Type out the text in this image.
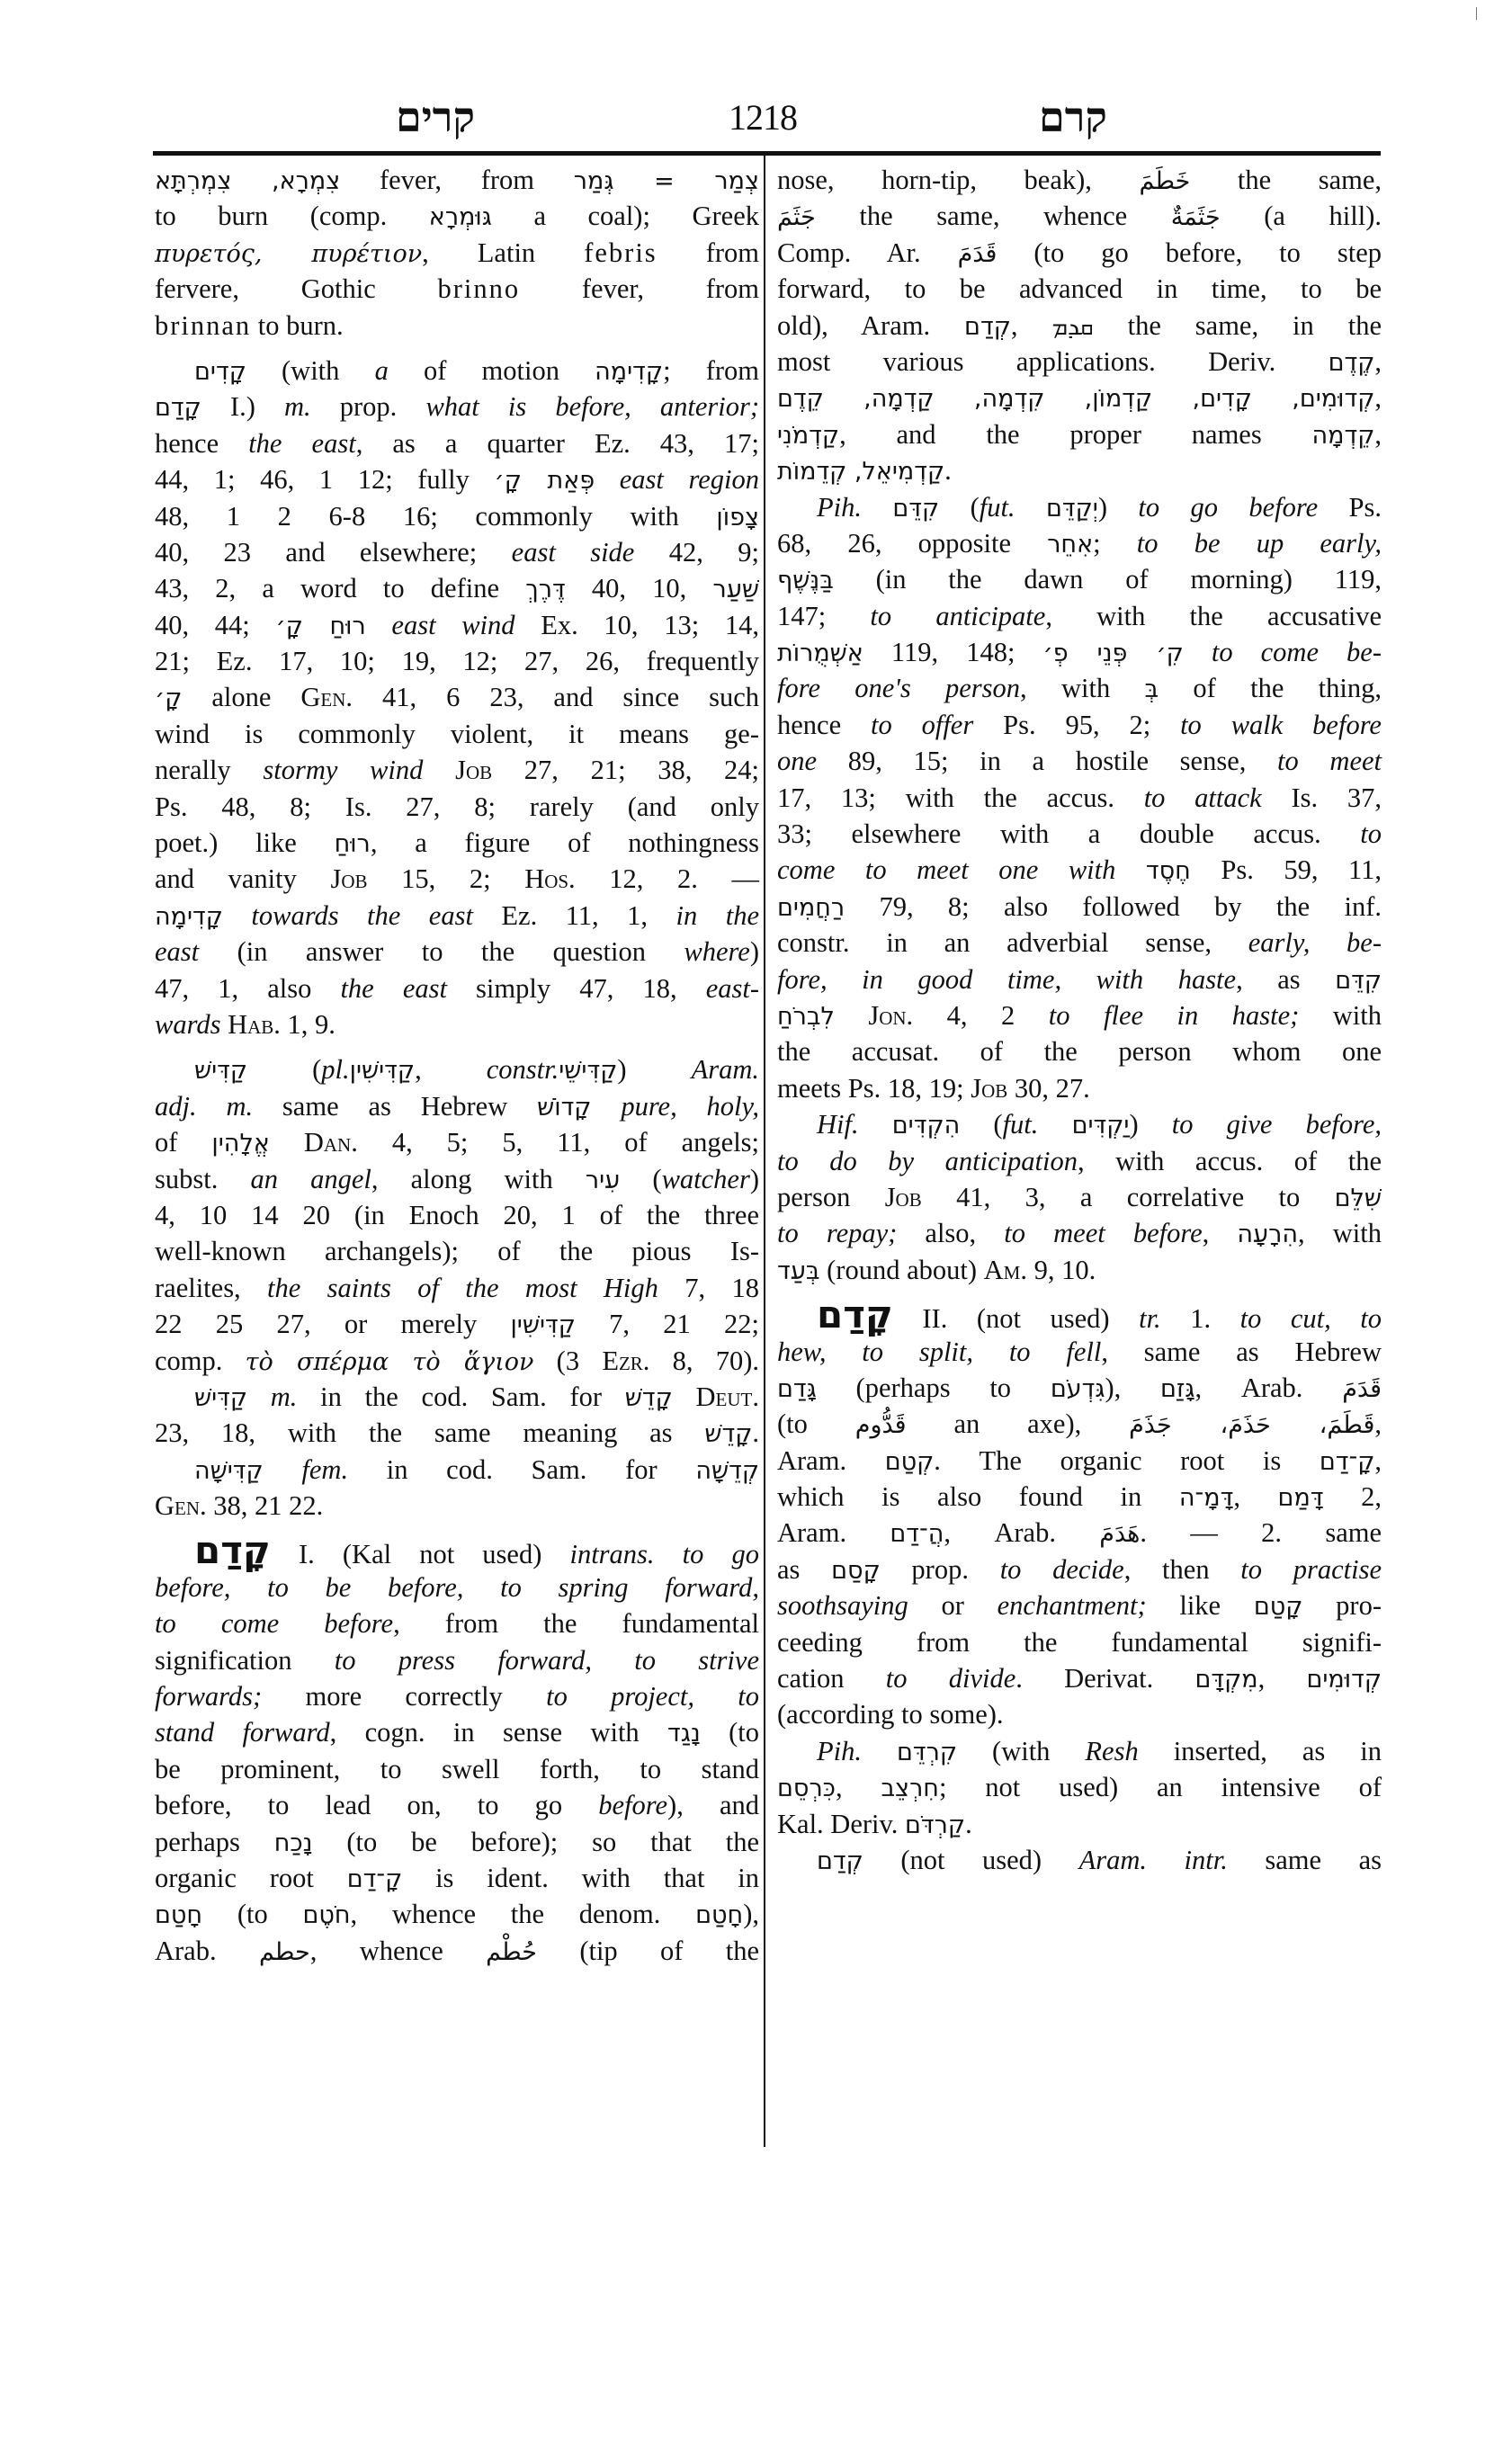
קרים	1218	קרם
צִמְרָא, צִמְרְתָּא fever, from צְמַר = גְּמַר
to burn (comp. גּוּמְרָא a coal); Greek
πυρετός, πυρέτιον, Latin febris from
fervere, Gothic brinno fever, from
brinnan to burn.
קָדִים (with a of motion קָדִימָה; from
קָדַם I.) m. prop. what is before, anterior;
hence the east, as a quarter Ez. 43, 17;
44, 1; 46, 1 12; fully פְּאַת קָ׳ east region
48, 1 2 6-8 16; commonly with צָפוֹן
40, 23 and elsewhere; east side 42, 9;
43, 2, a word to define דֶּרֶךְ 40, 10, שַׁעַר
40, 44; רוּחַ קָ׳ east wind Ex. 10, 13; 14,
21; Ez. 17, 10; 19, 12; 27, 26, frequently
קָ׳ alone Gen. 41, 6 23, and since such
wind is commonly violent, it means ge-
nerally stormy wind Job 27, 21; 38, 24;
Ps. 48, 8; Is. 27, 8; rarely (and only
poet.) like רוּחַ, a figure of nothingness
and vanity Job 15, 2; Hos. 12, 2. —
קָדִימָה towards the east Ez. 11, 1, in the
east (in answer to the question where)
47, 1, also the east simply 47, 18, east-
wards Hab. 1, 9.
קַדִּישׁ (pl.קַדִּישִׁין, constr.קַדִּישֵׁי) Aram.
adj. m. same as Hebrew קָדוֹשׁ pure, holy,
of אֱלָהִין Dan. 4, 5; 5, 11, of angels;
subst. an angel, along with עִיר (watcher)
4, 10 14 20 (in Enoch 20, 1 of the three
well-known archangels); of the pious Is-
raelites, the saints of the most High 7, 18
22 25 27, or merely קַדִּישִׁין 7, 21 22;
comp. τὸ σπέρμα τὸ ἅγιον (3 Ezr. 8, 70).
קַדִּישׁ m. in the cod. Sam. for קָדֵשׁ Deut.
23, 18, with the same meaning as קָדֵשׁ.
קַדִּישָׁה fem. in cod. Sam. for קְדֵשָׁה
Gen. 38, 21 22.
קָדַם I. (Kal not used) intrans. to go
before, to be before, to spring forward,
to come before, from the fundamental
signification to press forward, to strive
forwards; more correctly to project, to
stand forward, cogn. in sense with נָגַד (to
be prominent, to swell forth, to stand
before, to lead on, to go before), and
perhaps נָכַח (to be before); so that the
organic root קָ־דַם is ident. with that in
חָטַם (to חֹטֶם, whence the denom. חָטַם),
Arab. حطم, whence حُطْم (tip of the
nose, horn-tip, beak), خَطَمَ the same,
جَثَمَ the same, whence جَثَمَةٌ (a hill).
Comp. Ar. قَدَمَ (to go before, to step
forward, to be advanced in time, to be
old), Aram. קְדַם, ܩܕܡ the same, in the
most various applications. Deriv. קֶדֶם,
קְדוּמִים, קָדִים, קַדְמוֹן, קִדְמָה, קַדְמָה, קֵדֶם,
קַדְמֹנִי, and the proper names קֵדְמָה,
קַדְמִיאֵל, קְדֵמוֹת.
Pih. קִדֵּם (fut. יְקַדֵּם) to go before Ps.
68, 26, opposite אִחֵר; to be up early,
בַּנֶּשֶׁף (in the dawn of morning) 119,
147; to anticipate, with the accusative
אַשְׁמֻרוֹת 119, 148; קִ׳ פְּנֵי פְ׳ to come be-
fore one's person, with בְּ of the thing,
hence to offer Ps. 95, 2; to walk before
one 89, 15; in a hostile sense, to meet
17, 13; with the accus. to attack Is. 37,
33; elsewhere with a double accus. to
come to meet one with חֶסֶד Ps. 59, 11,
רַחֲמִים 79, 8; also followed by the inf.
constr. in an adverbial sense, early, be-
fore, in good time, with haste, as קִדֵּם
לִבְרֹחַ Jon. 4, 2 to flee in haste; with
the accusat. of the person whom one
meets Ps. 18, 19; Job 30, 27.
Hif. הִקְדִּים (fut. יַקְדִּים) to give before,
to do by anticipation, with accus. of the
person Job 41, 3, a correlative to שִׁלֵּם
to repay; also, to meet before, הִרָעָה, with
בְּעַד (round about) Am. 9, 10.
קָדַם II. (not used) tr. 1. to cut, to
hew, to split, to fell, same as Hebrew
גָּדַם (perhaps to גִּדְעֹם), גָּזַם, Arab. قَدَمَ
(to قَدُّوم an axe), قَطَمَ، حَذَمَ، جَذَمَ,
Aram. קְטַם. The organic root is קָ־דַם,
which is also found in דָּמָ־ה, דָּמַם 2,
Aram. הֲ־דַם, Arab. هَدَمَ. — 2. same
as קָסַם prop. to decide, then to practise
soothsaying or enchantment; like קָטַם pro-
ceeding from the fundamental signifi-
cation to divide. Derivat. מִקְדָּם, קְדוּמִים
(according to some).
Pih. קִרְדֵּם (with Resh inserted, as in
כִּרְסֵם, חִרְצֵב; not used) an intensive of
Kal. Deriv. קַרְדֹּם.
קְדַם (not used) Aram. intr. same as
